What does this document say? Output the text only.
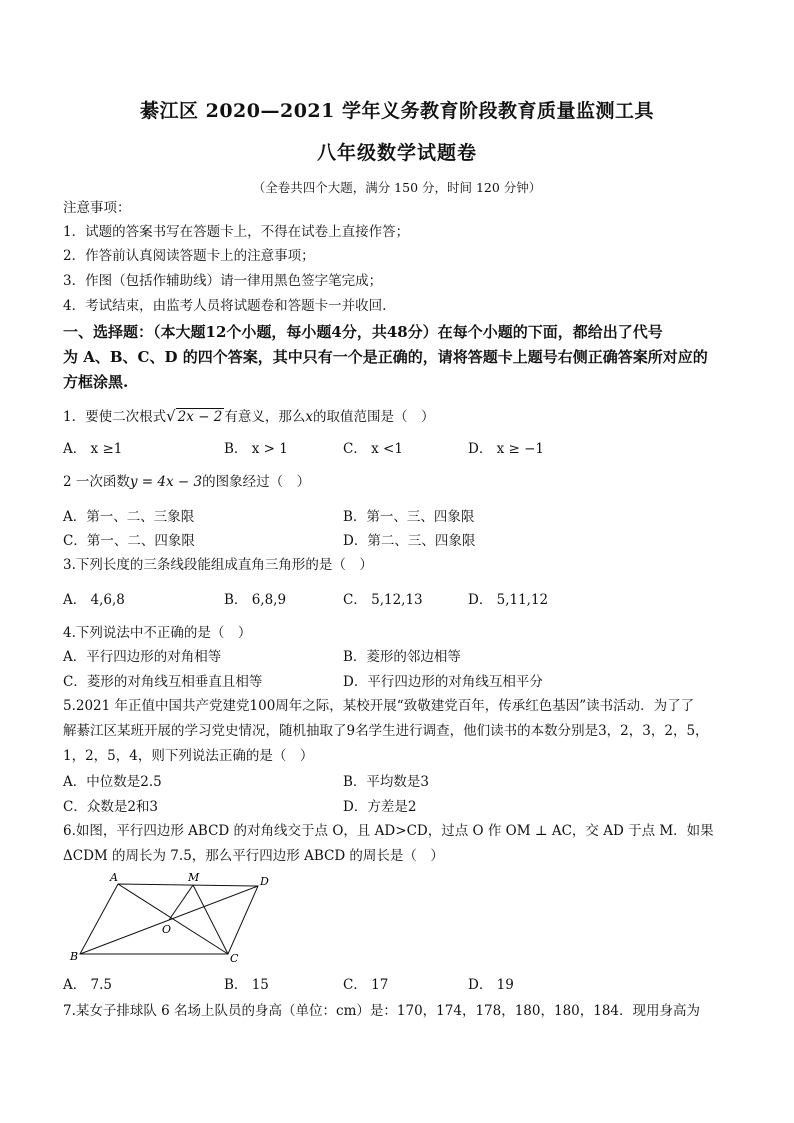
綦江区 2020—2021 学年义务教育阶段教育质量监测工具
八年级数学试题卷
（全卷共四个大题，满分 150 分，时间 120 分钟）
注意事项：
1．试题的答案书写在答题卡上，不得在试卷上直接作答；
2．作答前认真阅读答题卡上的注意事项；
3．作图（包括作辅助线）请一律用黑色签字笔完成；
4．考试结束，由监考人员将试题卷和答题卡一并收回.
一、选择题：（本大题12个小题，每小题4分，共48分）在每个小题的下面，都给出了代号
为 A、B、C、D 的四个答案，其中只有一个是正确的，请将答题卡上题号右侧正确答案所对应的
方框涂黑.
1．要使二次根式√ 2x − 2 有意义，那么x的取值范围是（　）
A． x ≥1	B． x > 1	C． x <1	D． x ≥ −1
2 一次函数y = 4x − 3的图象经过（　）
A．第一、二、三象限	B．第一、三、四象限
C．第一、二、四象限	D．第二、三、四象限
3.下列长度的三条线段能组成直角三角形的是（　）
A． 4,6,8	B． 6,8,9	C． 5,12,13	D． 5,11,12
4.下列说法中不正确的是（　）
A．平行四边形的对角相等	B．菱形的邻边相等
C．菱形的对角线互相垂直且相等	D．平行四边形的对角线互相平分
5.2021 年正值中国共产党建党100周年之际，某校开展“致敬建党百年，传承红色基因”读书活动．为了了
解綦江区某班开展的学习党史情况，随机抽取了9名学生进行调查，他们读书的本数分别是3，2，3，2，5，
1，2，5，4，则下列说法正确的是（　）
A．中位数是2.5	B．平均数是3
C．众数是2和3	D．方差是2
6.如图，平行四边形 ABCD 的对角线交于点 O，且 AD>CD，过点 O 作 OM ⊥ AC，交 AD 于点 M．如果
ΔCDM 的周长为 7.5，那么平行四边形 ABCD 的周长是（　）
A	M	D
O
B	C
A． 7.5	B． 15	C． 17	D． 19
7.某女子排球队 6 名场上队员的身高（单位：cm）是：170，174，178，180，180，184．现用身高为
